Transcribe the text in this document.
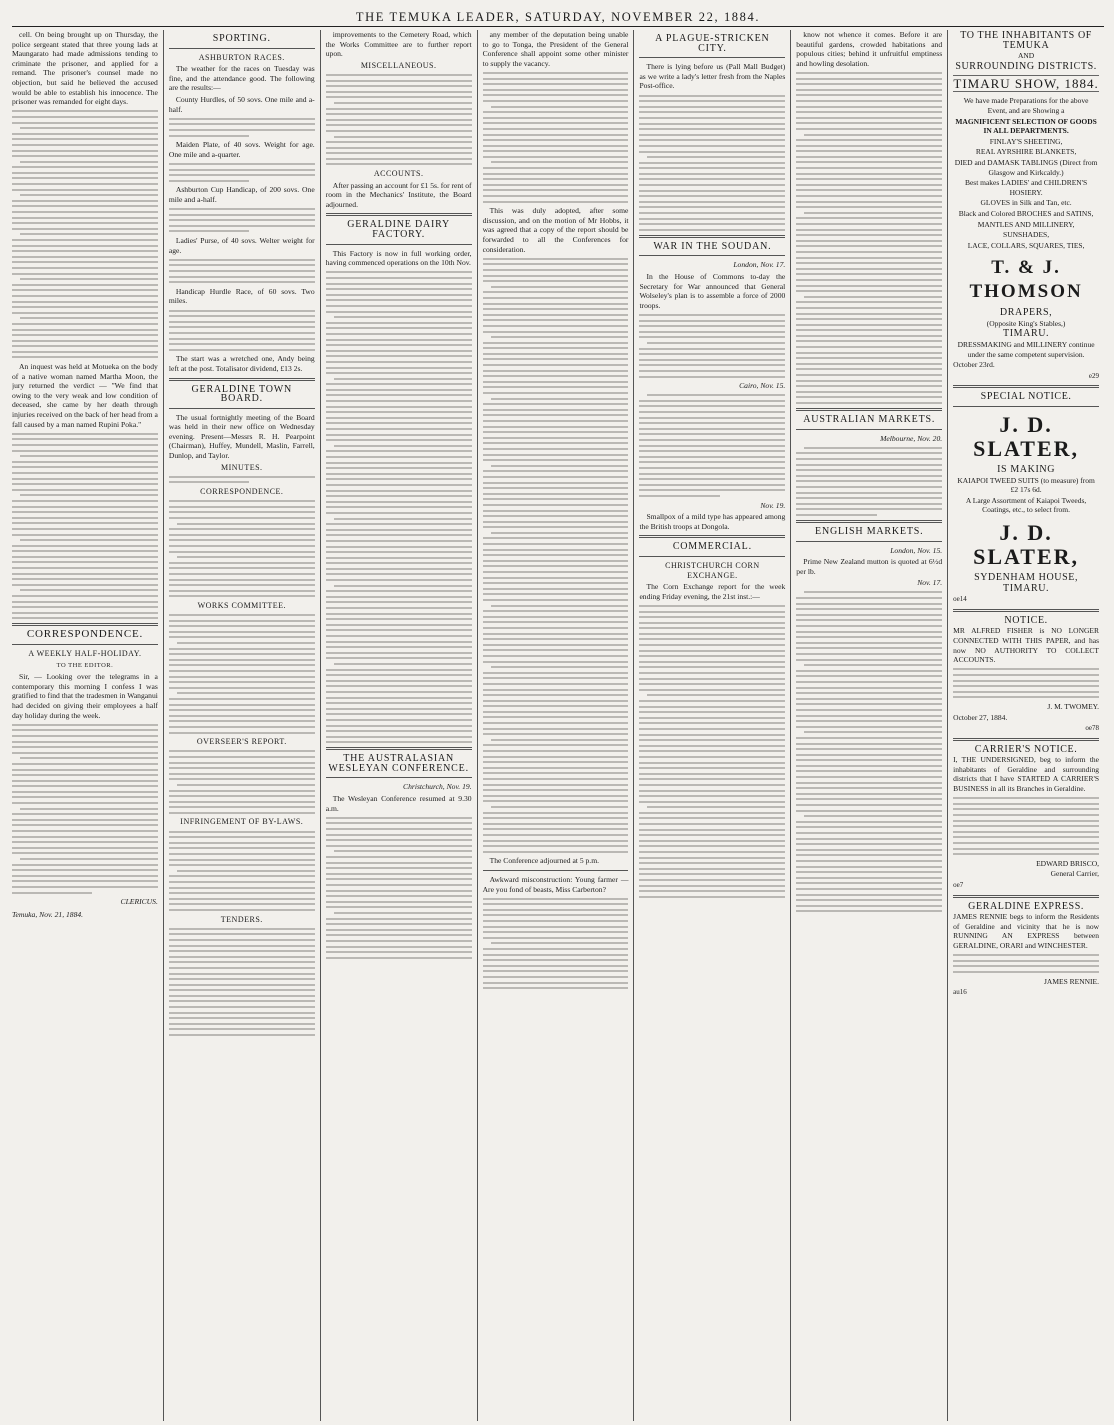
THE TEMUKA LEADER, SATURDAY, NOVEMBER 22, 1884.

cell. On being brought up on Thursday, the police sergeant stated that three young lads at Maungarato had made admissions tending to criminate the prisoner, and applied for a remand. The prisoner's counsel made no objection, but said he believed the accused would be able to establish his innocence. The prisoner was remanded for eight days.

An inquest was held at Motueka on the body of a native woman named Martha Moon, the jury returned the verdict — "We find that owing to the very weak and low condition of deceased, she came by her death through injuries received on the back of her head from a fall caused by a man named Rupini Poka."

CORRESPONDENCE.
A WEEKLY HALF-HOLIDAY.
TO THE EDITOR.

Sir, — Looking over the telegrams in a contemporary this morning I confess I was gratified to find that the tradesmen in Wanganui had decided on giving their employees a half day holiday during the week.

CLERICUS.
Temuka, Nov. 21, 1884.
SPORTING.
ASHBURTON RACES.

The weather for the races on Tuesday was fine, and the attendance good. The following are the results:—

County Hurdles, of 50 sovs. One mile and a-half.

Maiden Plate, of 40 sovs. Weight for age. One mile and a-quarter.

Ashburton Cup Handicap, of 200 sovs. One mile and a-half.

Ladies' Purse, of 40 sovs. Welter weight for age.

Handicap Hurdle Race, of 60 sovs. Two miles.

The start was a wretched one, Andy being left at the post. Totalisator dividend, £13 2s.

GERALDINE TOWN BOARD.

The usual fortnightly meeting of the Board was held in their new office on Wednesday evening. Present—Messrs R. H. Pearpoint (Chairman), Huffey, Mundell, Maslin, Farrell, Dunlop, and Taylor.

MINUTES.
CORRESPONDENCE.
WORKS COMMITTEE.
OVERSEER'S REPORT.
INFRINGEMENT OF BY-LAWS.
TENDERS.

improvements to the Cemetery Road, which the Works Committee are to further report upon.

MISCELLANEOUS.
ACCOUNTS.

After passing an account for £1 5s. for rent of room in the Mechanics' Institute, the Board adjourned.

GERALDINE DAIRY FACTORY.

This Factory is now in full working order, having commenced operations on the 10th Nov.

THE AUSTRALASIAN WESLEYAN CONFERENCE.
Christchurch, Nov. 19.

The Wesleyan Conference resumed at 9.30 a.m.

any member of the deputation being unable to go to Tonga, the President of the General Conference shall appoint some other minister to supply the vacancy.

This was duly adopted, after some discussion, and on the motion of Mr Hobbs, it was agreed that a copy of the report should be forwarded to all the Conferences for consideration.

The Conference adjourned at 5 p.m.

Awkward misconstruction: Young farmer — Are you fond of beasts, Miss Carberton?

A PLAGUE-STRICKEN CITY.

There is lying before us (Pall Mall Budget) as we write a lady's letter fresh from the Naples Post-office.

WAR IN THE SOUDAN.
London, Nov. 17.

In the House of Commons to-day the Secretary for War announced that General Wolseley's plan is to assemble a force of 2000 troops.

Cairo, Nov. 15.
Nov. 19.

Smallpox of a mild type has appeared among the British troops at Dongola.

COMMERCIAL.
CHRISTCHURCH CORN EXCHANGE.

The Corn Exchange report for the week ending Friday evening, the 21st inst.:—

know not whence it comes. Before it are beautiful gardens, crowded habitations and populous cities; behind it unfruitful emptiness and howling desolation.

AUSTRALIAN MARKETS.
Melbourne, Nov. 20.
ENGLISH MARKETS.
London, Nov. 15.

Prime New Zealand mutton is quoted at 6½d per lb.

Nov. 17.
TO THE INHABITANTS OF TEMUKA
AND
SURROUNDING DISTRICTS.
TIMARU SHOW, 1884.
We have made Preparations for the above Event, and are Showing a
MAGNIFICENT SELECTION OF GOODS IN ALL DEPARTMENTS.
FINLAY'S SHEETING,
REAL AYRSHIRE BLANKETS,
DIED and DAMASK TABLINGS (Direct from Glasgow and Kirkcaldy.)
Best makes LADIES' and CHILDREN'S HOSIERY.
GLOVES in Silk and Tan, etc.
Black and Colored BROCHES and SATINS,
MANTLES AND MILLINERY,
SUNSHADES,
LACE, COLLARS, SQUARES, TIES,
T. & J. THOMSON
DRAPERS,
(Opposite King's Stables,)
TIMARU.
DRESSMAKING and MILLINERY continue under the same competent supervision.
October 23rd.
e29
SPECIAL NOTICE.
J. D. SLATER,
IS MAKING
KAIAPOI TWEED SUITS (to measure) from £2 17s 6d.
A Large Assortment of Kaiapoi Tweeds, Coatings, etc., to select from.
J. D. SLATER,
SYDENHAM HOUSE,
TIMARU.
oe14
NOTICE.
MR ALFRED FISHER is NO LONGER CONNECTED WITH THIS PAPER, and has now NO AUTHORITY TO COLLECT ACCOUNTS.
J. M. TWOMEY.
October 27, 1884.
oe78
CARRIER'S NOTICE.
I, THE UNDERSIGNED, beg to inform the inhabitants of Geraldine and surrounding districts that I have STARTED A CARRIER'S BUSINESS in all its Branches in Geraldine.
EDWARD BRISCO,
General Carrier,
oe7
GERALDINE EXPRESS.
JAMES RENNIE begs to inform the Residents of Geraldine and vicinity that he is now RUNNING AN EXPRESS between GERALDINE, ORARI and WINCHESTER.
JAMES RENNIE.
au16
